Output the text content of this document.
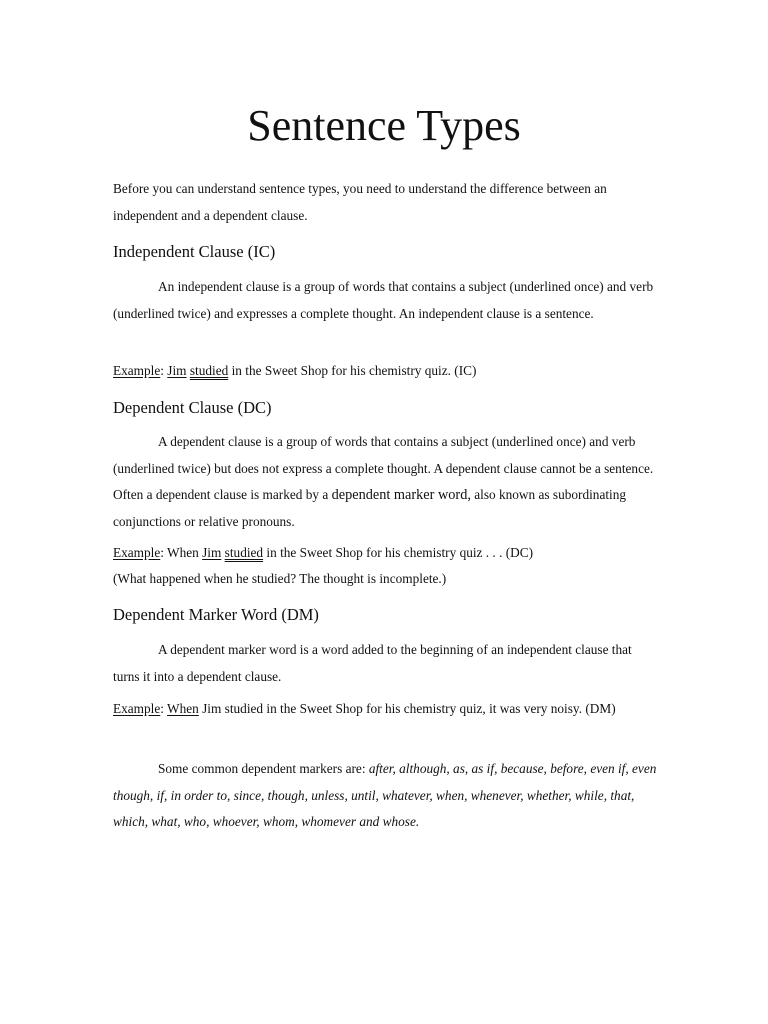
Sentence Types

Before you can understand sentence types, you need to understand the difference between an independent and a dependent clause.

Independent Clause (IC)

An independent clause is a group of words that contains a subject (underlined once) and verb (underlined twice) and expresses a complete thought. An independent clause is a sentence.

Example: Jim studied in the Sweet Shop for his chemistry quiz. (IC)

Dependent Clause (DC)

A dependent clause is a group of words that contains a subject (underlined once) and verb (underlined twice) but does not express a complete thought. A dependent clause cannot be a sentence. Often a dependent clause is marked by a dependent marker word, also known as subordinating conjunctions or relative pronouns.

Example: When Jim studied in the Sweet Shop for his chemistry quiz . . . (DC)
(What happened when he studied? The thought is incomplete.)

Dependent Marker Word (DM)

A dependent marker word is a word added to the beginning of an independent clause that turns it into a dependent clause.

Example: When Jim studied in the Sweet Shop for his chemistry quiz, it was very noisy. (DM)

Some common dependent markers are: after, although, as, as if, because, before, even if, even though, if, in order to, since, though, unless, until, whatever, when, whenever, whether, while, that, which, what, who, whoever, whom, whomever and whose.
